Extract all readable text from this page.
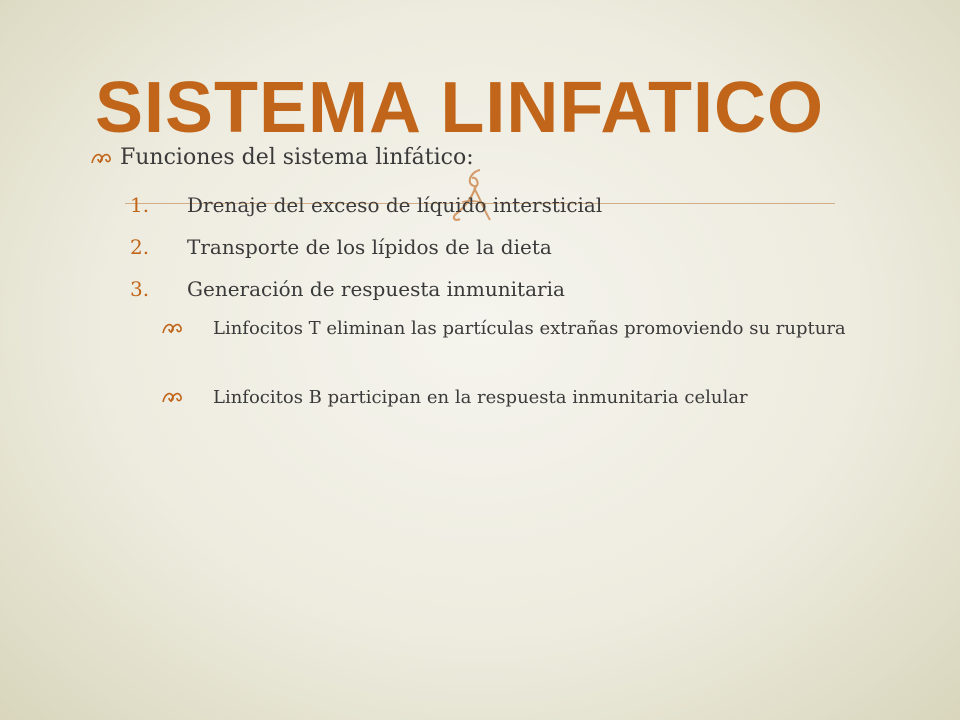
SISTEMA LINFATICO
Funciones del sistema linfático:
1.	Drenaje del exceso de líquido intersticial
2.	Transporte de los lípidos de la dieta
3.	Generación de respuesta inmunitaria
Linfocitos T eliminan las partículas extrañas promoviendo su ruptura
Linfocitos B participan en la respuesta inmunitaria celular
